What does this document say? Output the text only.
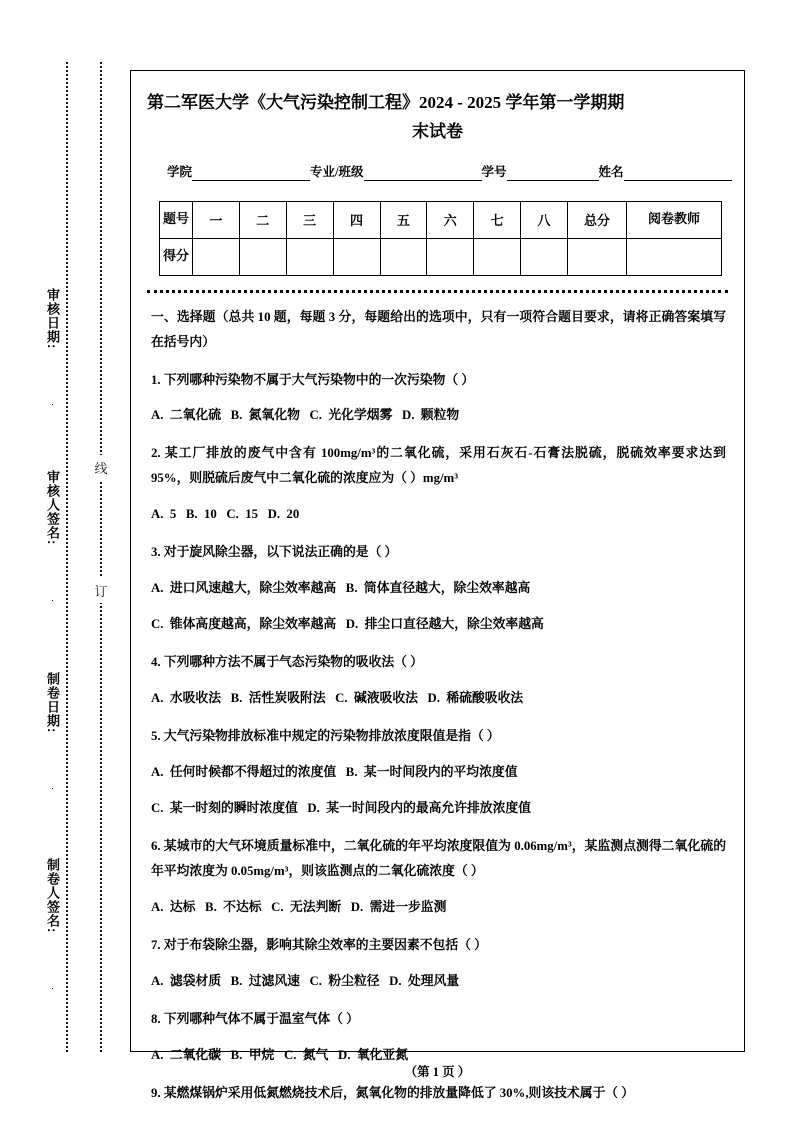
审核日期:
审核人签名:
制卷日期:
制卷人签名:
线
订
第二军医大学《大气污染控制工程》2024 - 2025 学年第一学期期
末试卷
学院	专业/班级	学号	姓名
题号	一	二	三	四	五	六	七	八	总分	阅卷教师
得分										
一、选择题（总共 10 题，每题 3 分，每题给出的选项中，只有一项符合题目要求，请将正确答案填写在括号内）
1. 下列哪种污染物不属于大气污染物中的一次污染物（ ）
A.  二氧化硫   B.  氮氧化物   C.  光化学烟雾   D.  颗粒物
2. 某工厂排放的废气中含有 100mg/m³的二氧化硫，采用石灰石-石膏法脱硫，脱硫效率要求达到 95%，则脱硫后废气中二氧化硫的浓度应为（ ）mg/m³
A.  5   B.  10   C.  15   D.  20
3. 对于旋风除尘器，以下说法正确的是（ ）
A.  进口风速越大，除尘效率越高   B.  筒体直径越大，除尘效率越高
C.  锥体高度越高，除尘效率越高   D.  排尘口直径越大，除尘效率越高
4. 下列哪种方法不属于气态污染物的吸收法（ ）
A.  水吸收法   B.  活性炭吸附法   C.  碱液吸收法   D.  稀硫酸吸收法
5. 大气污染物排放标准中规定的污染物排放浓度限值是指（ ）
A.  任何时候都不得超过的浓度值   B.  某一时间段内的平均浓度值
C.  某一时刻的瞬时浓度值   D.  某一时间段内的最高允许排放浓度值
6. 某城市的大气环境质量标准中，二氧化硫的年平均浓度限值为 0.06mg/m³，某监测点测得二氧化硫的年平均浓度为 0.05mg/m³，则该监测点的二氧化硫浓度（ ）
A.  达标   B.  不达标   C.  无法判断   D.  需进一步监测
7. 对于布袋除尘器，影响其除尘效率的主要因素不包括（ ）
A.  滤袋材质   B.  过滤风速   C.  粉尘粒径   D.  处理风量
8. 下列哪种气体不属于温室气体（ ）
A.  二氧化碳   B.  甲烷   C.  氮气   D.  氧化亚氮
9. 某燃煤锅炉采用低氮燃烧技术后，氮氧化物的排放量降低了 30%,则该技术属于（ ）
（第 1 页 ）
